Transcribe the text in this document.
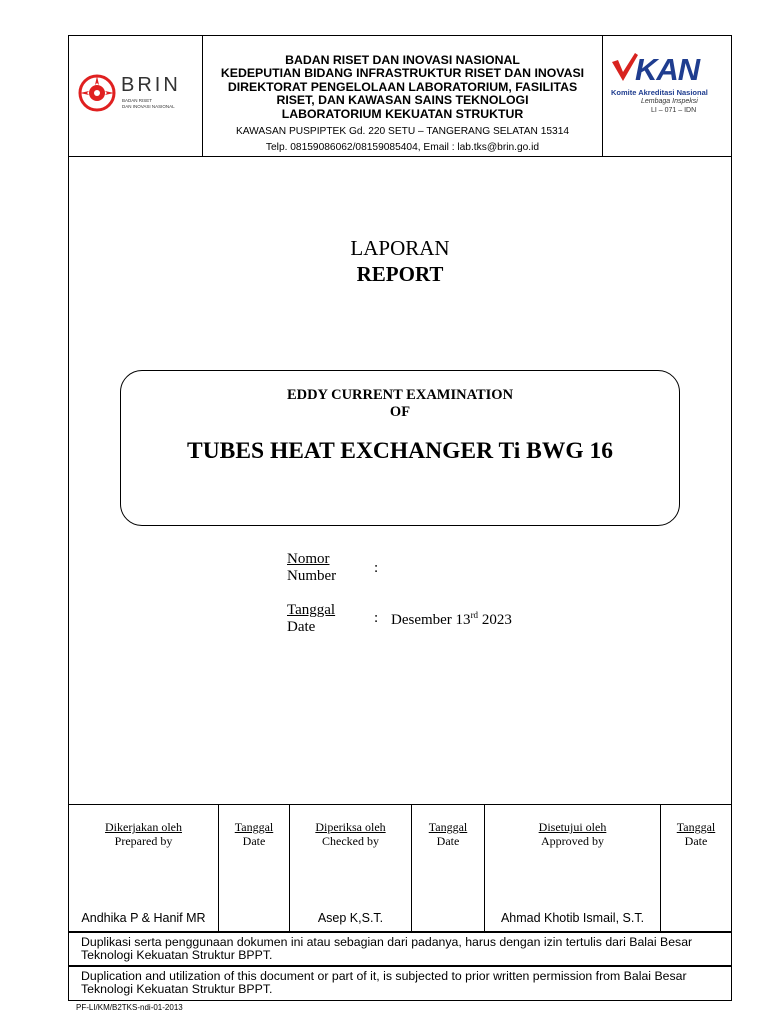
BRIN
BADAN RISET
DAN INOVASI NASIONAL
BADAN RISET DAN INOVASI NASIONAL
KEDEPUTIAN BIDANG INFRASTRUKTUR RISET DAN INOVASI
DIREKTORAT PENGELOLAAN LABORATORIUM, FASILITAS
RISET, DAN KAWASAN SAINS TEKNOLOGI
LABORATORIUM KEKUATAN STRUKTUR
KAWASAN PUSPIPTEK Gd. 220 SETU – TANGERANG SELATAN 15314
Telp. 08159086062/08159085404, Email : lab.tks@brin.go.id
KAN
Komite Akreditasi Nasional
Lembaga Inspeksi
LI – 071 – IDN
LAPORAN
REPORT
EDDY CURRENT EXAMINATION
OF
TUBES HEAT EXCHANGER Ti BWG 16
Nomor
Number	:
Tanggal
Date
: Desember 13rd 2023
Dikerjakan oleh
Prepared by
Andhika P & Hanif MR
Tanggal
Date
Diperiksa oleh
Checked by
Asep K,S.T.
Tanggal
Date
Disetujui oleh
Approved by
Ahmad Khotib Ismail, S.T.
Tanggal
Date
Duplikasi serta penggunaan dokumen ini atau sebagian dari padanya, harus dengan izin tertulis dari Balai Besar Teknologi Kekuatan Struktur BPPT.
Duplication and utilization of this document or part of it, is subjected to prior written permission from Balai Besar Teknologi Kekuatan Struktur BPPT.
PF-LI/KM/B2TKS-ndi-01-2013
